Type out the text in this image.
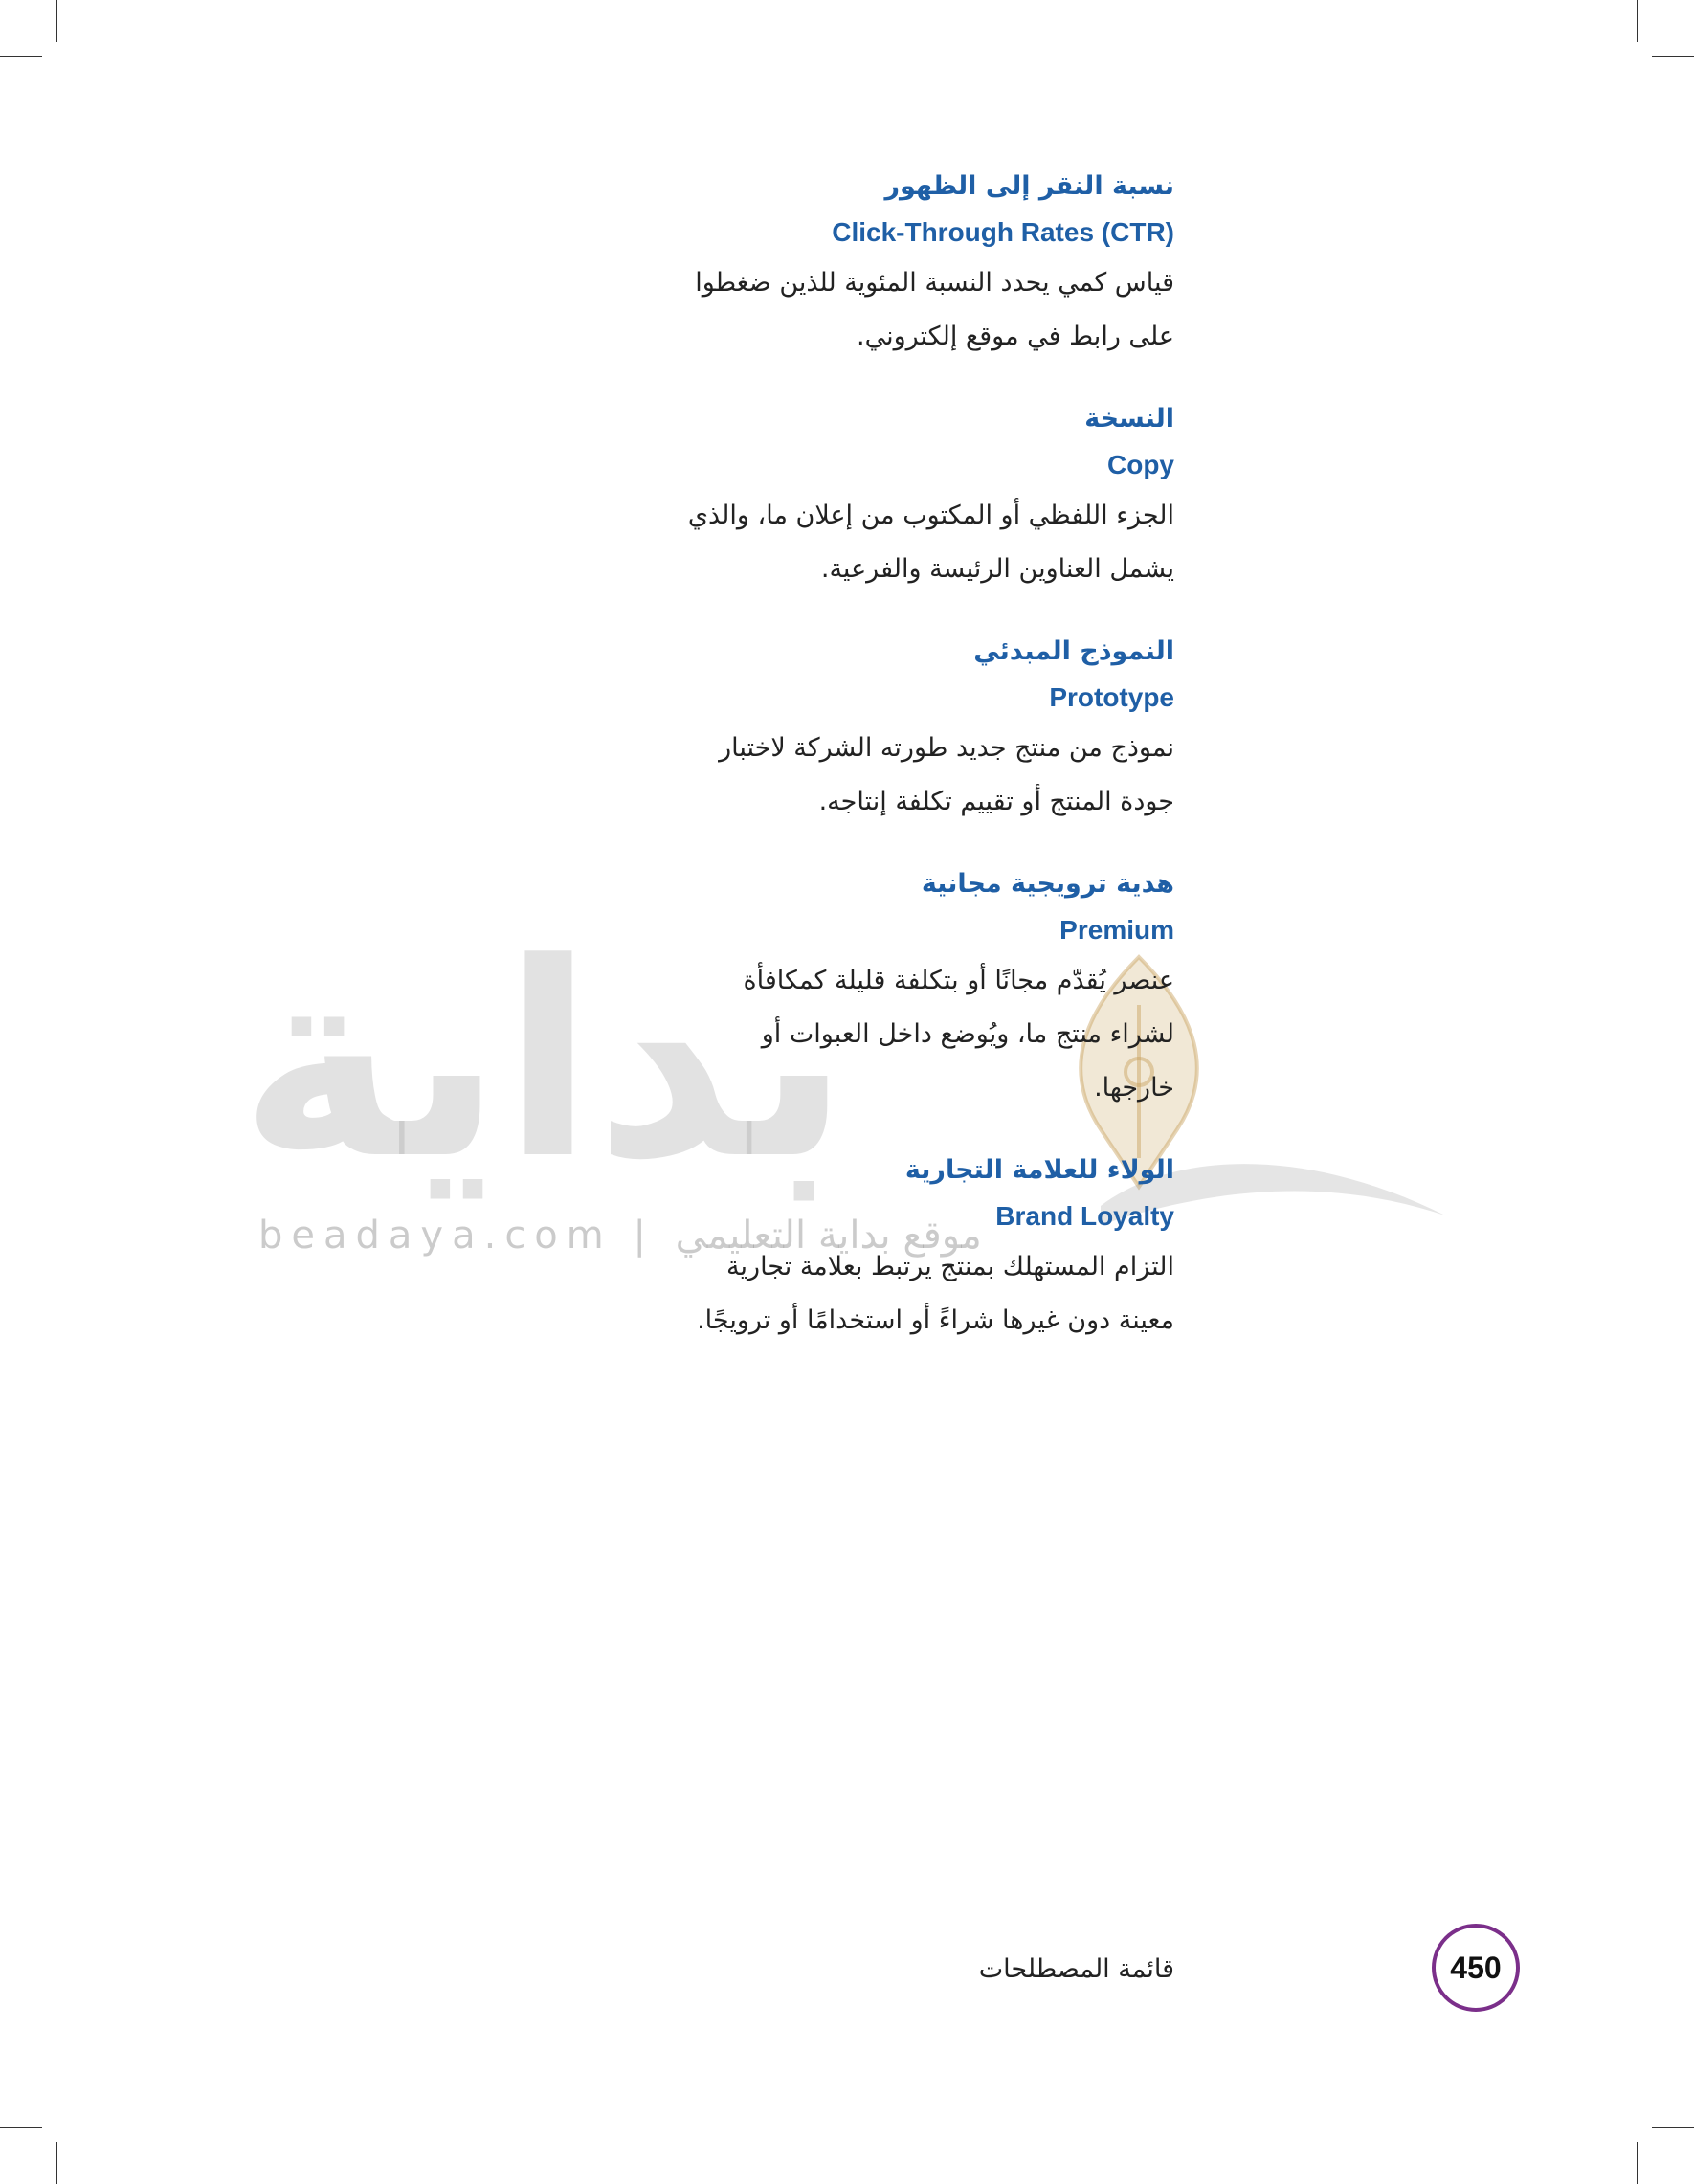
بداية
beadaya.com | موقع بداية التعليمي
نسبة النقر إلى الظهور
Click-Through Rates (CTR)
قياس كمي يحدد النسبة المئوية للذين ضغطوا على رابط في موقع إلكتروني.
النسخة
Copy
الجزء اللفظي أو المكتوب من إعلان ما، والذي يشمل العناوين الرئيسة والفرعية.
النموذج المبدئي
Prototype
نموذج من منتج جديد طورته الشركة لاختبار جودة المنتج أو تقييم تكلفة إنتاجه.
هدية ترويجية مجانية
Premium
عنصر يُقدّم مجانًا أو بتكلفة قليلة كمكافأة لشراء منتج ما، ويُوضع داخل العبوات أو خارجها.
الولاء للعلامة التجارية
Brand Loyalty
التزام المستهلك بمنتج يرتبط بعلامة تجارية معينة دون غيرها شراءً أو استخدامًا أو ترويجًا.
قائمة المصطلحات	450
